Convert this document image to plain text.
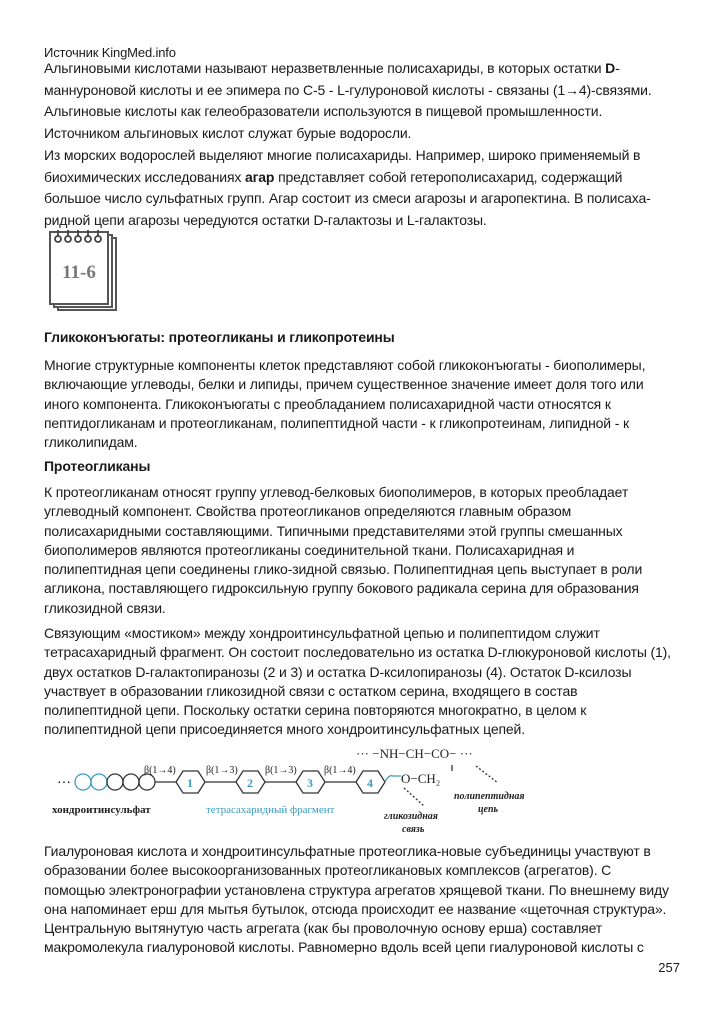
Источник KingMed.info
Альгиновыми кислотами называют неразветвленные полисахариды, в которых остатки D-
маннуроновой кислоты и ее эпимера по С-5 - L-гулуроновой кислоты - связаны (1→4)-связями.
Альгиновые кислоты как гелеобразователи используются в пищевой промышленности.
Источником альгиновых кислот служат бурые водоросли.
Из морских водорослей выделяют многие полисахариды. Например, широко применяемый в
биохимических исследованиях агар представляет собой гетерополисахарид, содержащий
большое число сульфатных групп. Агар состоит из смеси агарозы и агаропектина. В полисаха-
ридной цепи агарозы чередуются остатки D-галактозы и L-галактозы.
11-6
Гликоконъюгаты: протеогликаны и гликопротеины
Многие структурные компоненты клеток представляют собой гликоконъюгаты - биополимеры,
включающие углеводы, белки и липиды, причем существенное значение имеет доля того или
иного компонента. Гликоконъюгаты с преобладанием полисахаридной части относятся к
пептидогликанам и протеогликанам, полипептидной части - к гликопротеинам, липидной - к
гликолипидам.
Протеогликаны
К протеогликанам относят группу углевод-белковых биополимеров, в которых преобладает
углеводный компонент. Свойства протеогликанов определяются главным образом
полисахаридными составляющими. Типичными представителями этой группы смешанных
биополимеров являются протеогликаны соединительной ткани. Полисахаридная и
полипептидная цепи соединены глико-зидной связью. Полипептидная цепь выступает в роли
агликона, поставляющего гидроксильную группу бокового радикала серина для образования
гликозидной связи.
Связующим «мостиком» между хондроитинсульфатной цепью и полипептидом служит
тетрасахаридный фрагмент. Он состоит последовательно из остатка D-глюкуроновой кислоты (1),
двух остатков D-галактопиранозы (2 и 3) и остатка D-ксилопиранозы (4). Остаток D-ксилозы
участвует в образовании гликозидной связи с остатком серина, входящего в состав
полипептидной цепи. Поскольку остатки серина повторяются многократно, в целом к
полипептидной цепи присоединяется много хондроитинсульфатных цепей.
···
β(1→4)	β(1→3)	β(1→3)	β(1→4)
1	2	3	4
··· −NH−CH−CO− ···
O−CH₂
хондроитинсульфат	тетрасахаридный фрагмент
гликозидная
связь
полипептидная
цепь
Гиалуроновая кислота и хондроитинсульфатные протеоглика-новые субъединицы участвуют в
образовании более высокоорганизованных протеогликановых комплексов (агрегатов). С
помощью электронографии установлена структура агрегатов хрящевой ткани. По внешнему виду
она напоминает ерш для мытья бутылок, отсюда происходит ее название «щеточная структура».
Центральную вытянутую часть агрегата (как бы проволочную основу ерша) составляет
макромолекула гиалуроновой кислоты. Равномерно вдоль всей цепи гиалуроновой кислоты с
257
